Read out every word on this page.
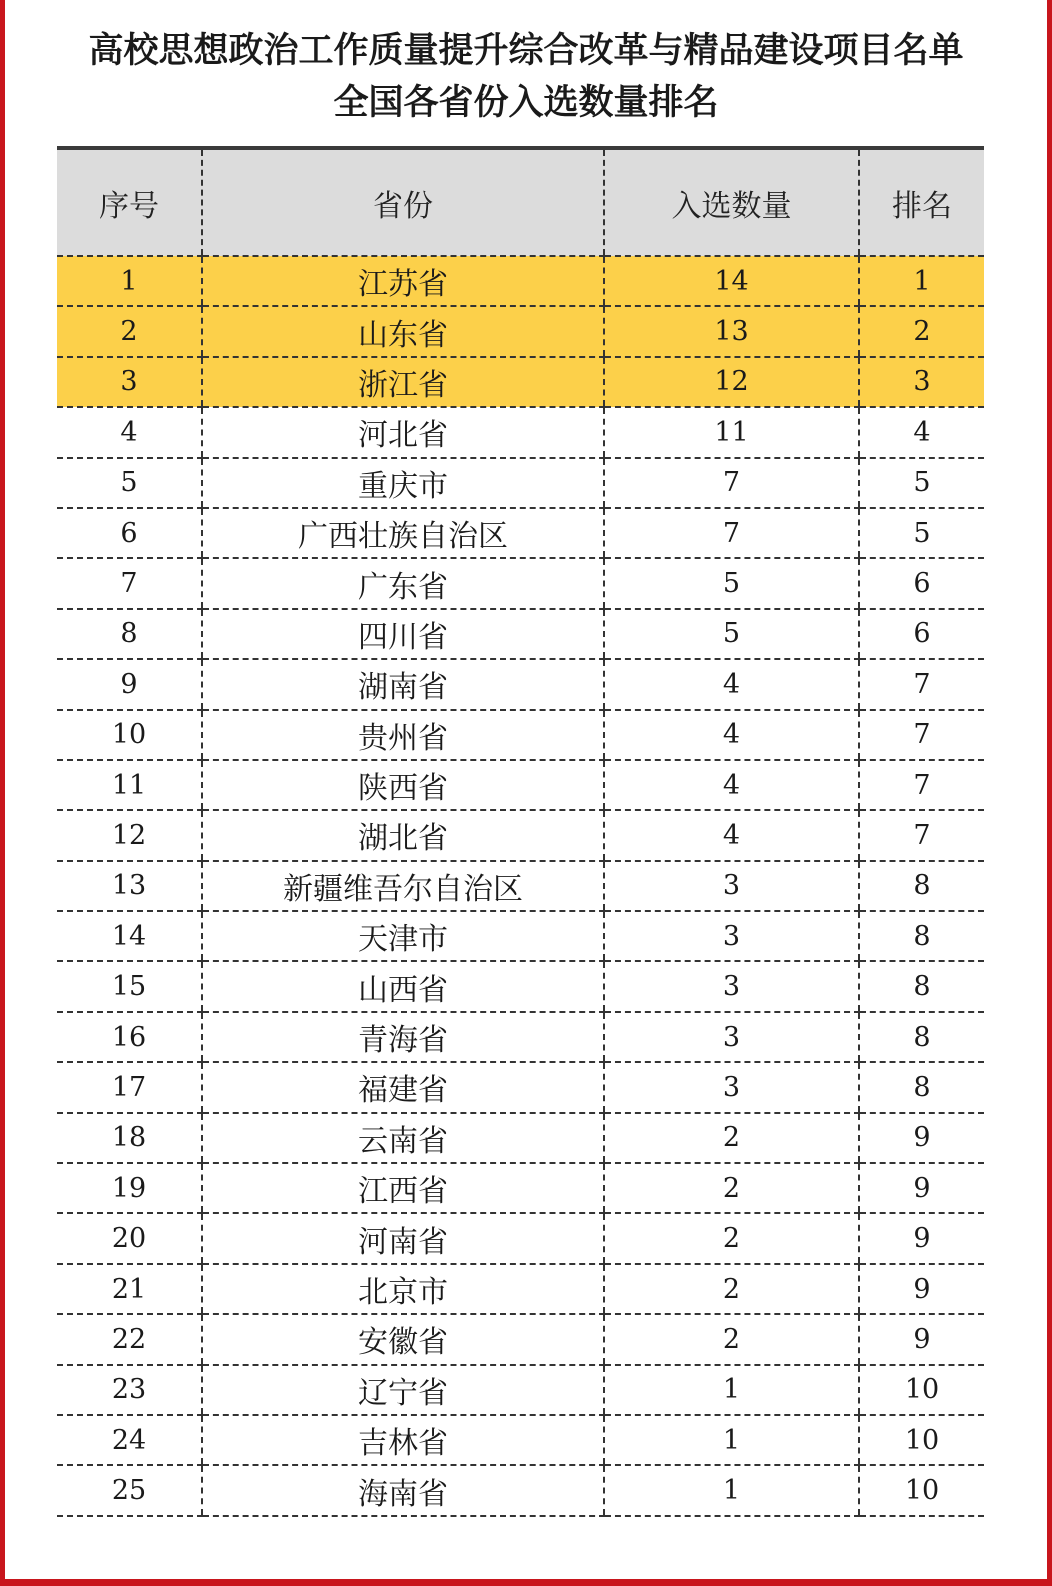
高校思想政治工作质量提升综合改革与精品建设项目名单
全国各省份入选数量排名
序号	省份	入选数量	排名
1	江苏省	14	1
2	山东省	13	2
3	浙江省	12	3
4	河北省	11	4
5	重庆市	7	5
6	广西壮族自治区	7	5
7	广东省	5	6
8	四川省	5	6
9	湖南省	4	7
10	贵州省	4	7
11	陕西省	4	7
12	湖北省	4	7
13	新疆维吾尔自治区	3	8
14	天津市	3	8
15	山西省	3	8
16	青海省	3	8
17	福建省	3	8
18	云南省	2	9
19	江西省	2	9
20	河南省	2	9
21	北京市	2	9
22	安徽省	2	9
23	辽宁省	1	10
24	吉林省	1	10
25	海南省	1	10
